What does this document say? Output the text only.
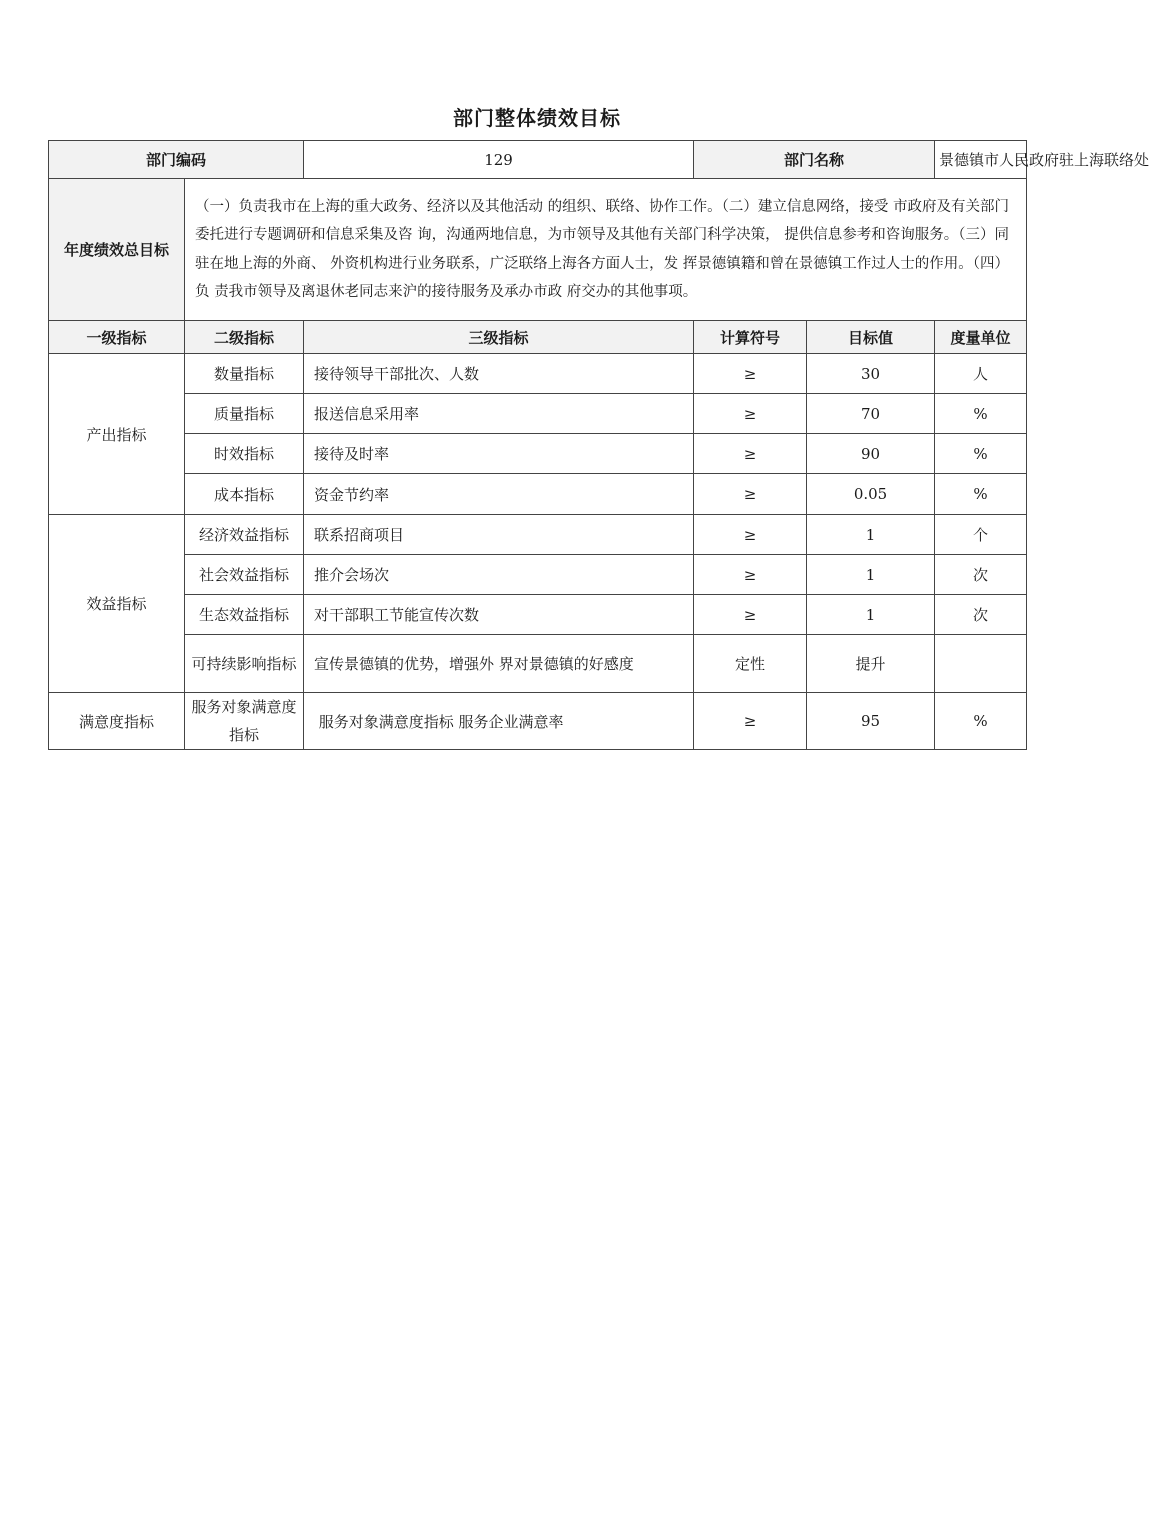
部门整体绩效目标
部门编码		129	部门名称		景德镇市人民政府驻上海联络处
年度绩效总目标	（一）负责我市在上海的重大政务、经济以及其他活动 的组织、联络、协作工作。（二）建立信息网络，接受 市政府及有关部门委托进行专题调研和信息采集及咨 询，沟通两地信息，为市领导及其他有关部门科学决策， 提供信息参考和咨询服务。（三）同驻在地上海的外商、 外资机构进行业务联系，广泛联络上海各方面人士，发 挥景德镇籍和曾在景德镇工作过人士的作用。（四）负 责我市领导及离退休老同志来沪的接待服务及承办市政 府交办的其他事项。				
一级指标	二级指标	三级指标	计算符号	目标值	度量单位
产出指标	数量指标	接待领导干部批次、人数	≥	30	人
	质量指标	报送信息采用率	≥	70	%
	时效指标	接待及时率	≥	90	%
	成本指标	资金节约率	≥	0.05	%
效益指标	经济效益指标	联系招商项目	≥	1	个
	社会效益指标	推介会场次	≥	1	次
	生态效益指标	对干部职工节能宣传次数	≥	1	次
	可持续影响指标	宣传景德镇的优势，增强外 界对景德镇的好感度	定性	提升	
满意度指标	服务对象满意度指标	服务对象满意度指标 服务企业满意率	≥	95	%
